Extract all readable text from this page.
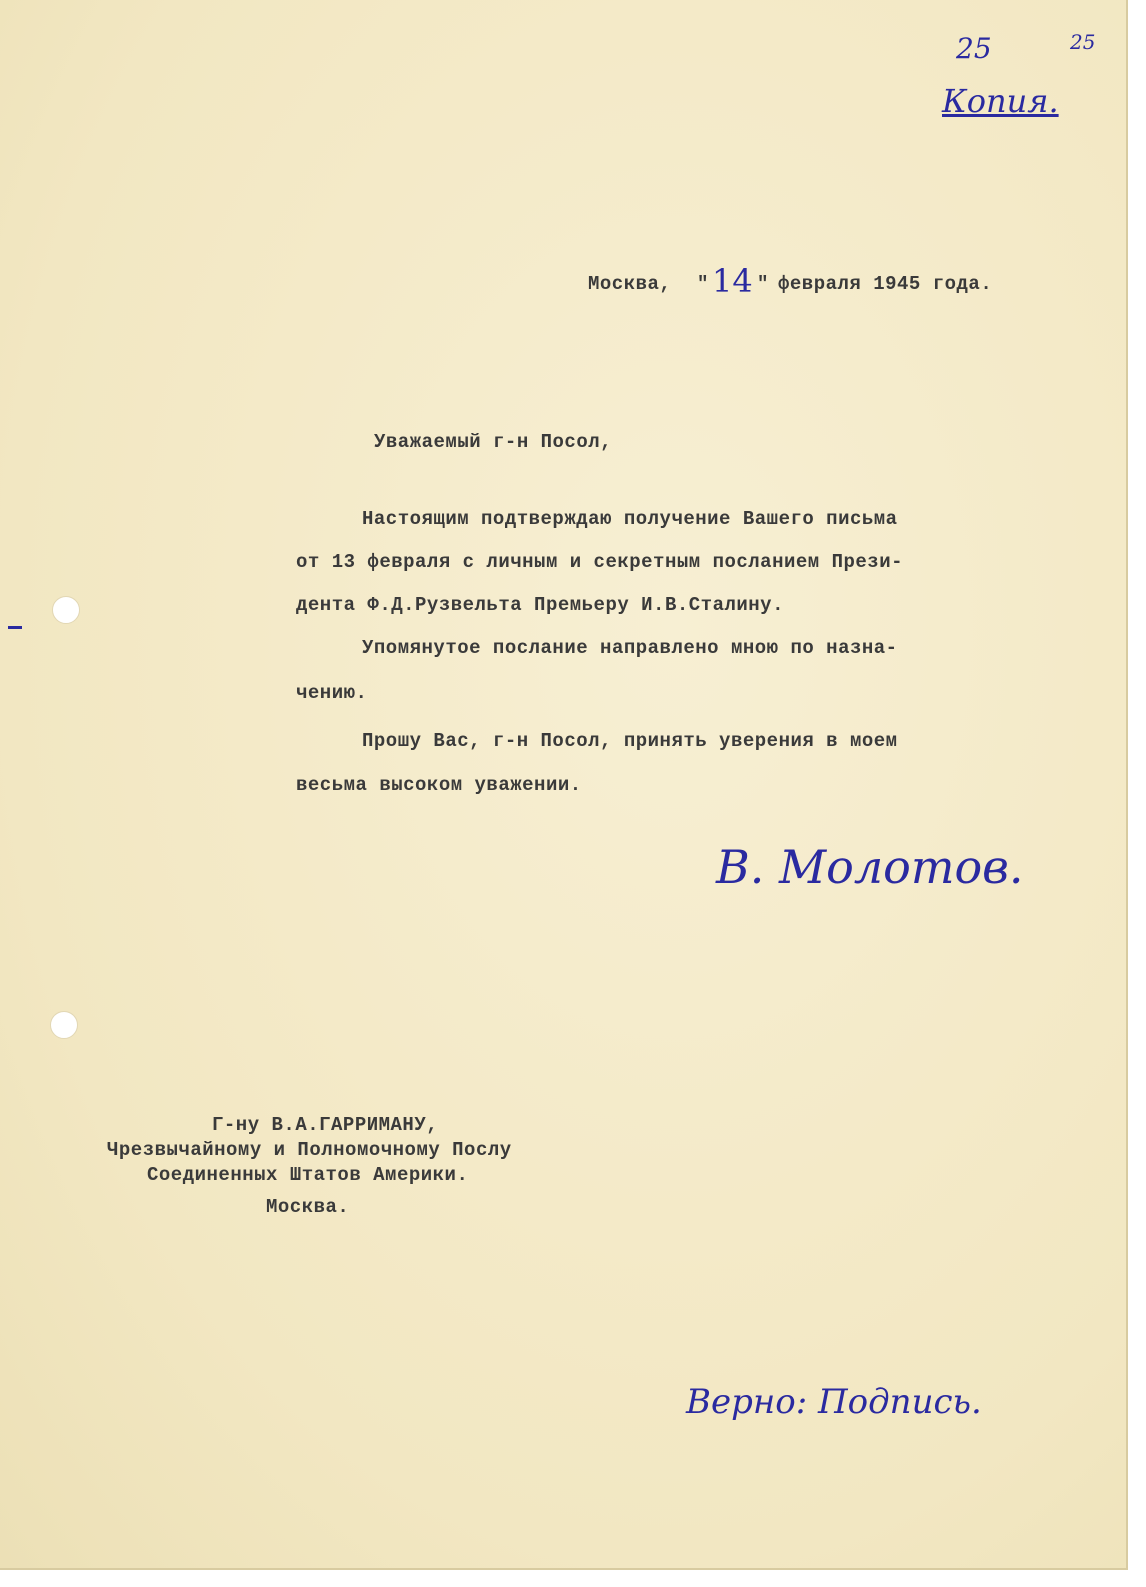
25	25
Копия.
Москва, " 14 " февраля 1945 года.
Уважаемый г-н Посол,
Настоящим подтверждаю получение Вашего письма
от 13 февраля с личным и секретным посланием Прези-
дента Ф.Д.Рузвельта Премьеру И.В.Сталину.
Упомянутое послание направлено мною по назна-
чению.
Прошу Вас, г-н Посол, принять уверения в моем
весьма высоком уважении.
В. Молотов.
Г-ну В.А.ГАРРИМАНУ,
Чрезвычайному и Полномочному Послу
Соединенных Штатов Америки.
Москва.
Верно: Подпись.
